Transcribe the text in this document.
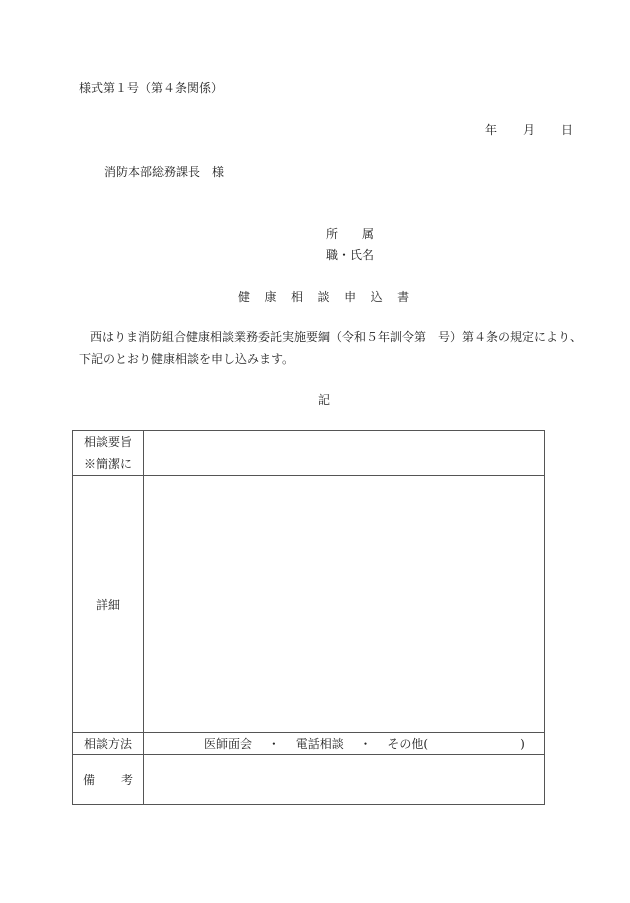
様式第１号（第４条関係）
年 月 日
消防本部総務課長　様
所 属
職・氏名
健 康 相 談 申 込 書
西はりま消防組合健康相談業務委託実施要綱（令和５年訓令第　号）第４条の規定により、
下記のとおり健康相談を申し込みます。
記
相談要旨
※簡潔に	

詳細	
相談方法	医師面会 ・ 電話相談 ・ その他( )
備 考	
